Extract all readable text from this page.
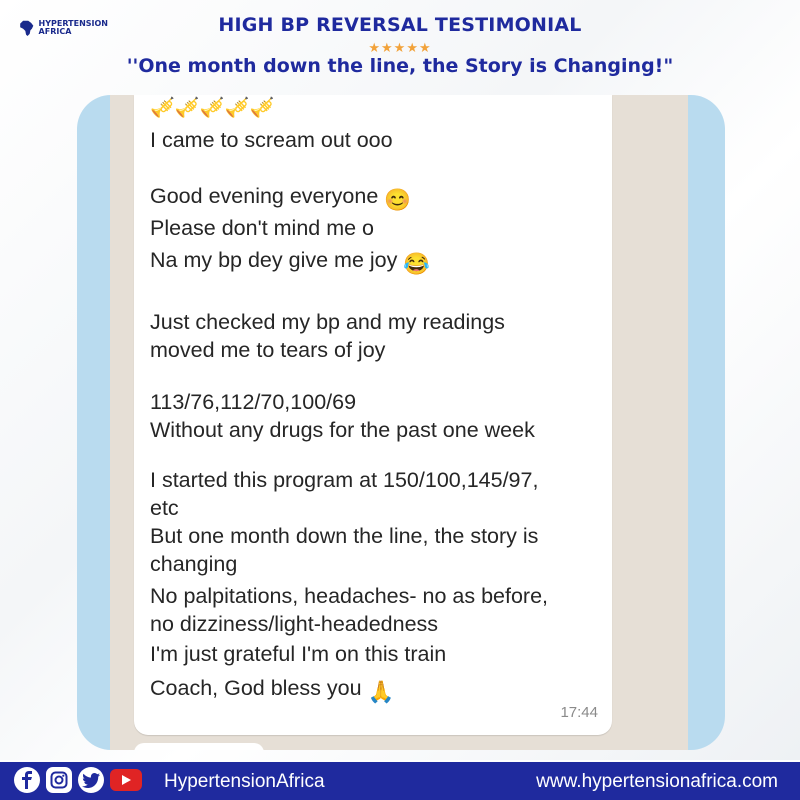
HYPERTENSION
AFRICA	HIGH BP REVERSAL TESTIMONIAL
★★★★★
''One month down the line, the Story is Changing!"
🎺🎺🎺🎺🎺
I came to scream out ooo
Good evening everyone 😊
Please don't mind me o
Na my bp dey give me joy 😂
Just checked my bp and my readings
moved me to tears of joy
113/76,112/70,100/69
Without any drugs for the past one week
I started this program at 150/100,145/97,
etc
But one month down the line, the story is
changing
No palpitations, headaches- no as before,
no dizziness/light-headedness
I'm just grateful I'm on this train
Coach, God bless you 🙏
17:44
HypertensionAfrica	www.hypertensionafrica.com
